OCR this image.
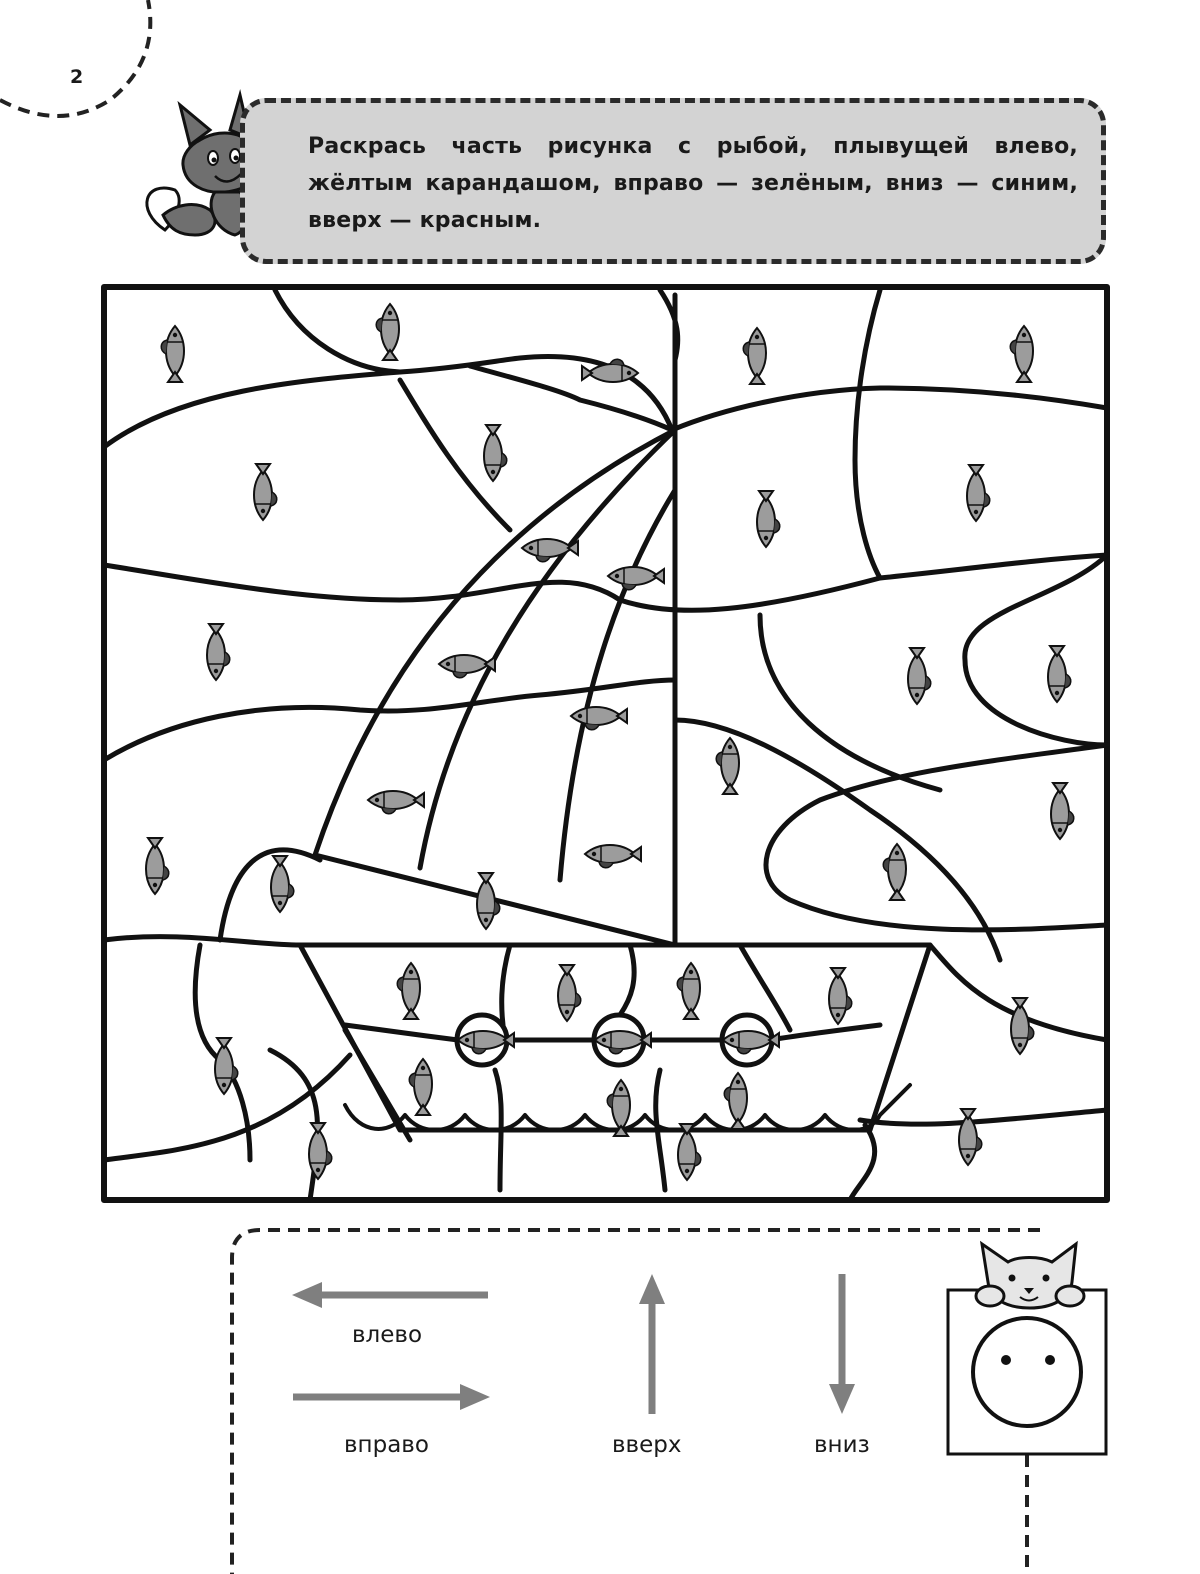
2
Раскрась часть рисунка с рыбой, плывущей влево, жёлтым карандашом, вправо — зелёным, вниз — синим, вверх — красным.
влево
вправо	вверх	вниз
